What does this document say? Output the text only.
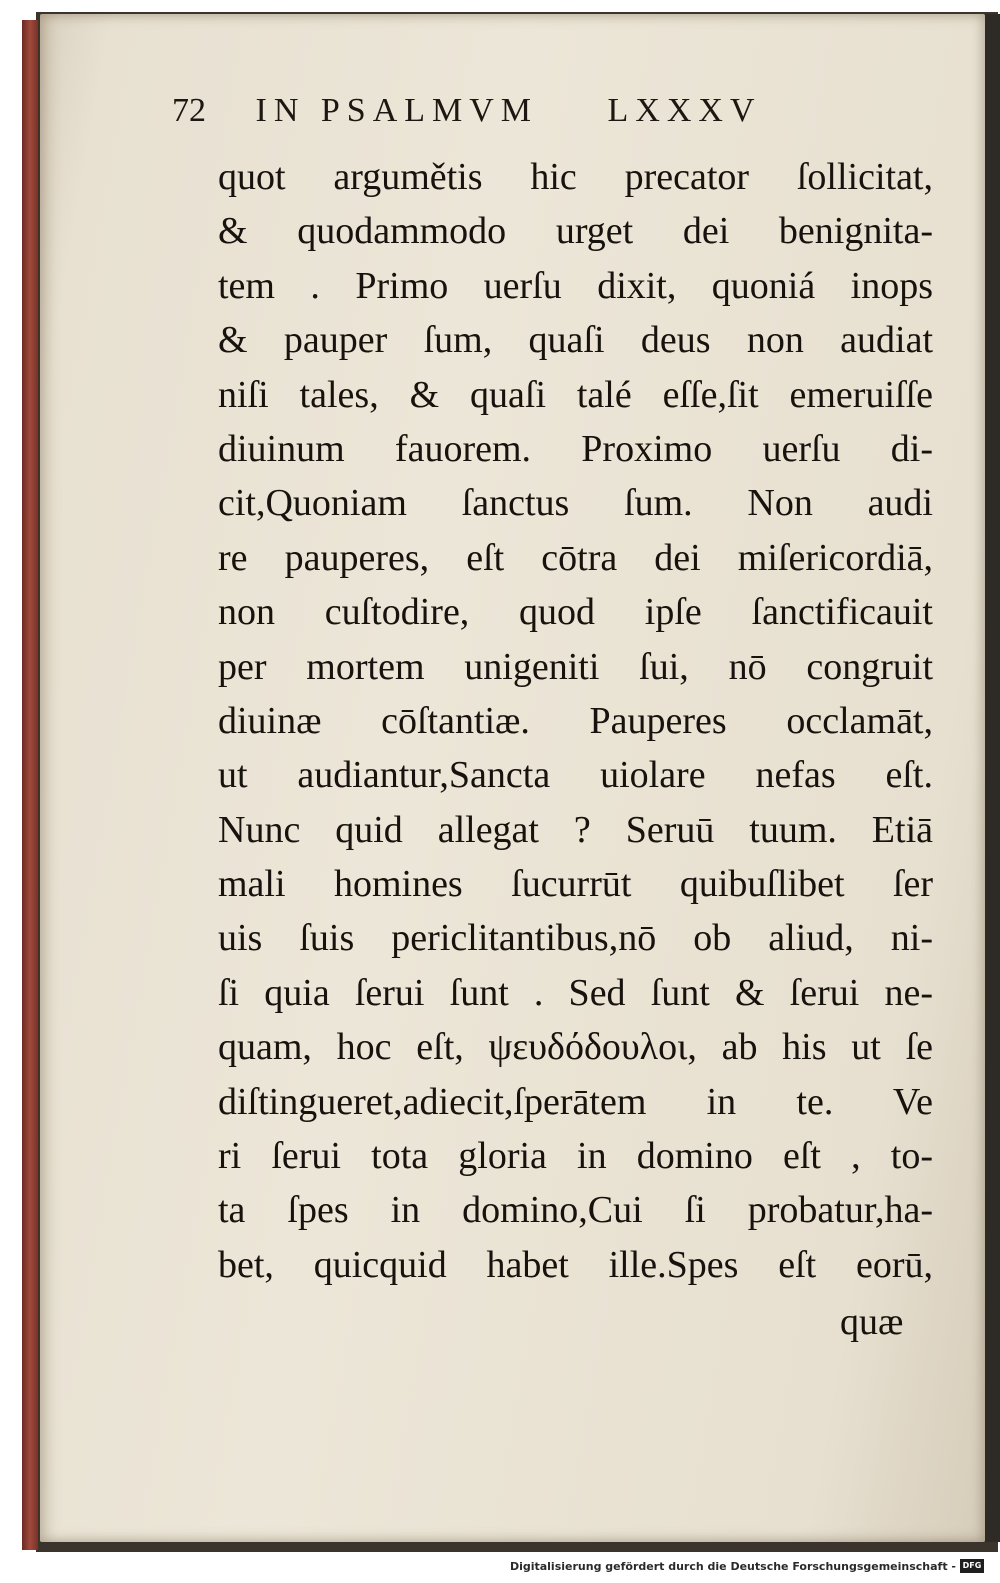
72 IN PSALMVM LXXXV
quot argumětis hic precator ſollicitat,
& quodammodo urget dei benignita-
tem . Primo uerſu dixit, quoniá inops
& pauper ſum, quaſi deus non audiat
niſi tales, & quaſi talé eſſe,ſit emeruiſſe
diuinum fauorem. Proximo uerſu di-
cit,Quoniam ſanctus ſum. Non audi
re pauperes, eſt cōtra dei miſericordiā,
non cuſtodire, quod ipſe ſanctificauit
per mortem unigeniti ſui, nō congruit
diuinæ cōſtantiæ. Pauperes occlamāt,
ut audiantur,Sancta uiolare nefas eſt.
Nunc quid allegat ? Seruū tuum. Etiā
mali homines ſucurrūt quibuſlibet ſer
uis ſuis periclitantibus,nō ob aliud, ni-
ſi quia ſerui ſunt . Sed ſunt & ſerui ne-
quam, hoc eſt, ψευδόδουλοι, ab his ut ſe
diſtingueret,adiecit,ſperātem in te. Ve
ri ſerui tota gloria in domino eſt , to-
ta ſpes in domino,Cui ſi probatur,ha-
bet, quicquid habet ille.Spes eſt eorū,
quæ
Digitalisierung gefördert durch die Deutsche Forschungsgemeinschaft - DFG
